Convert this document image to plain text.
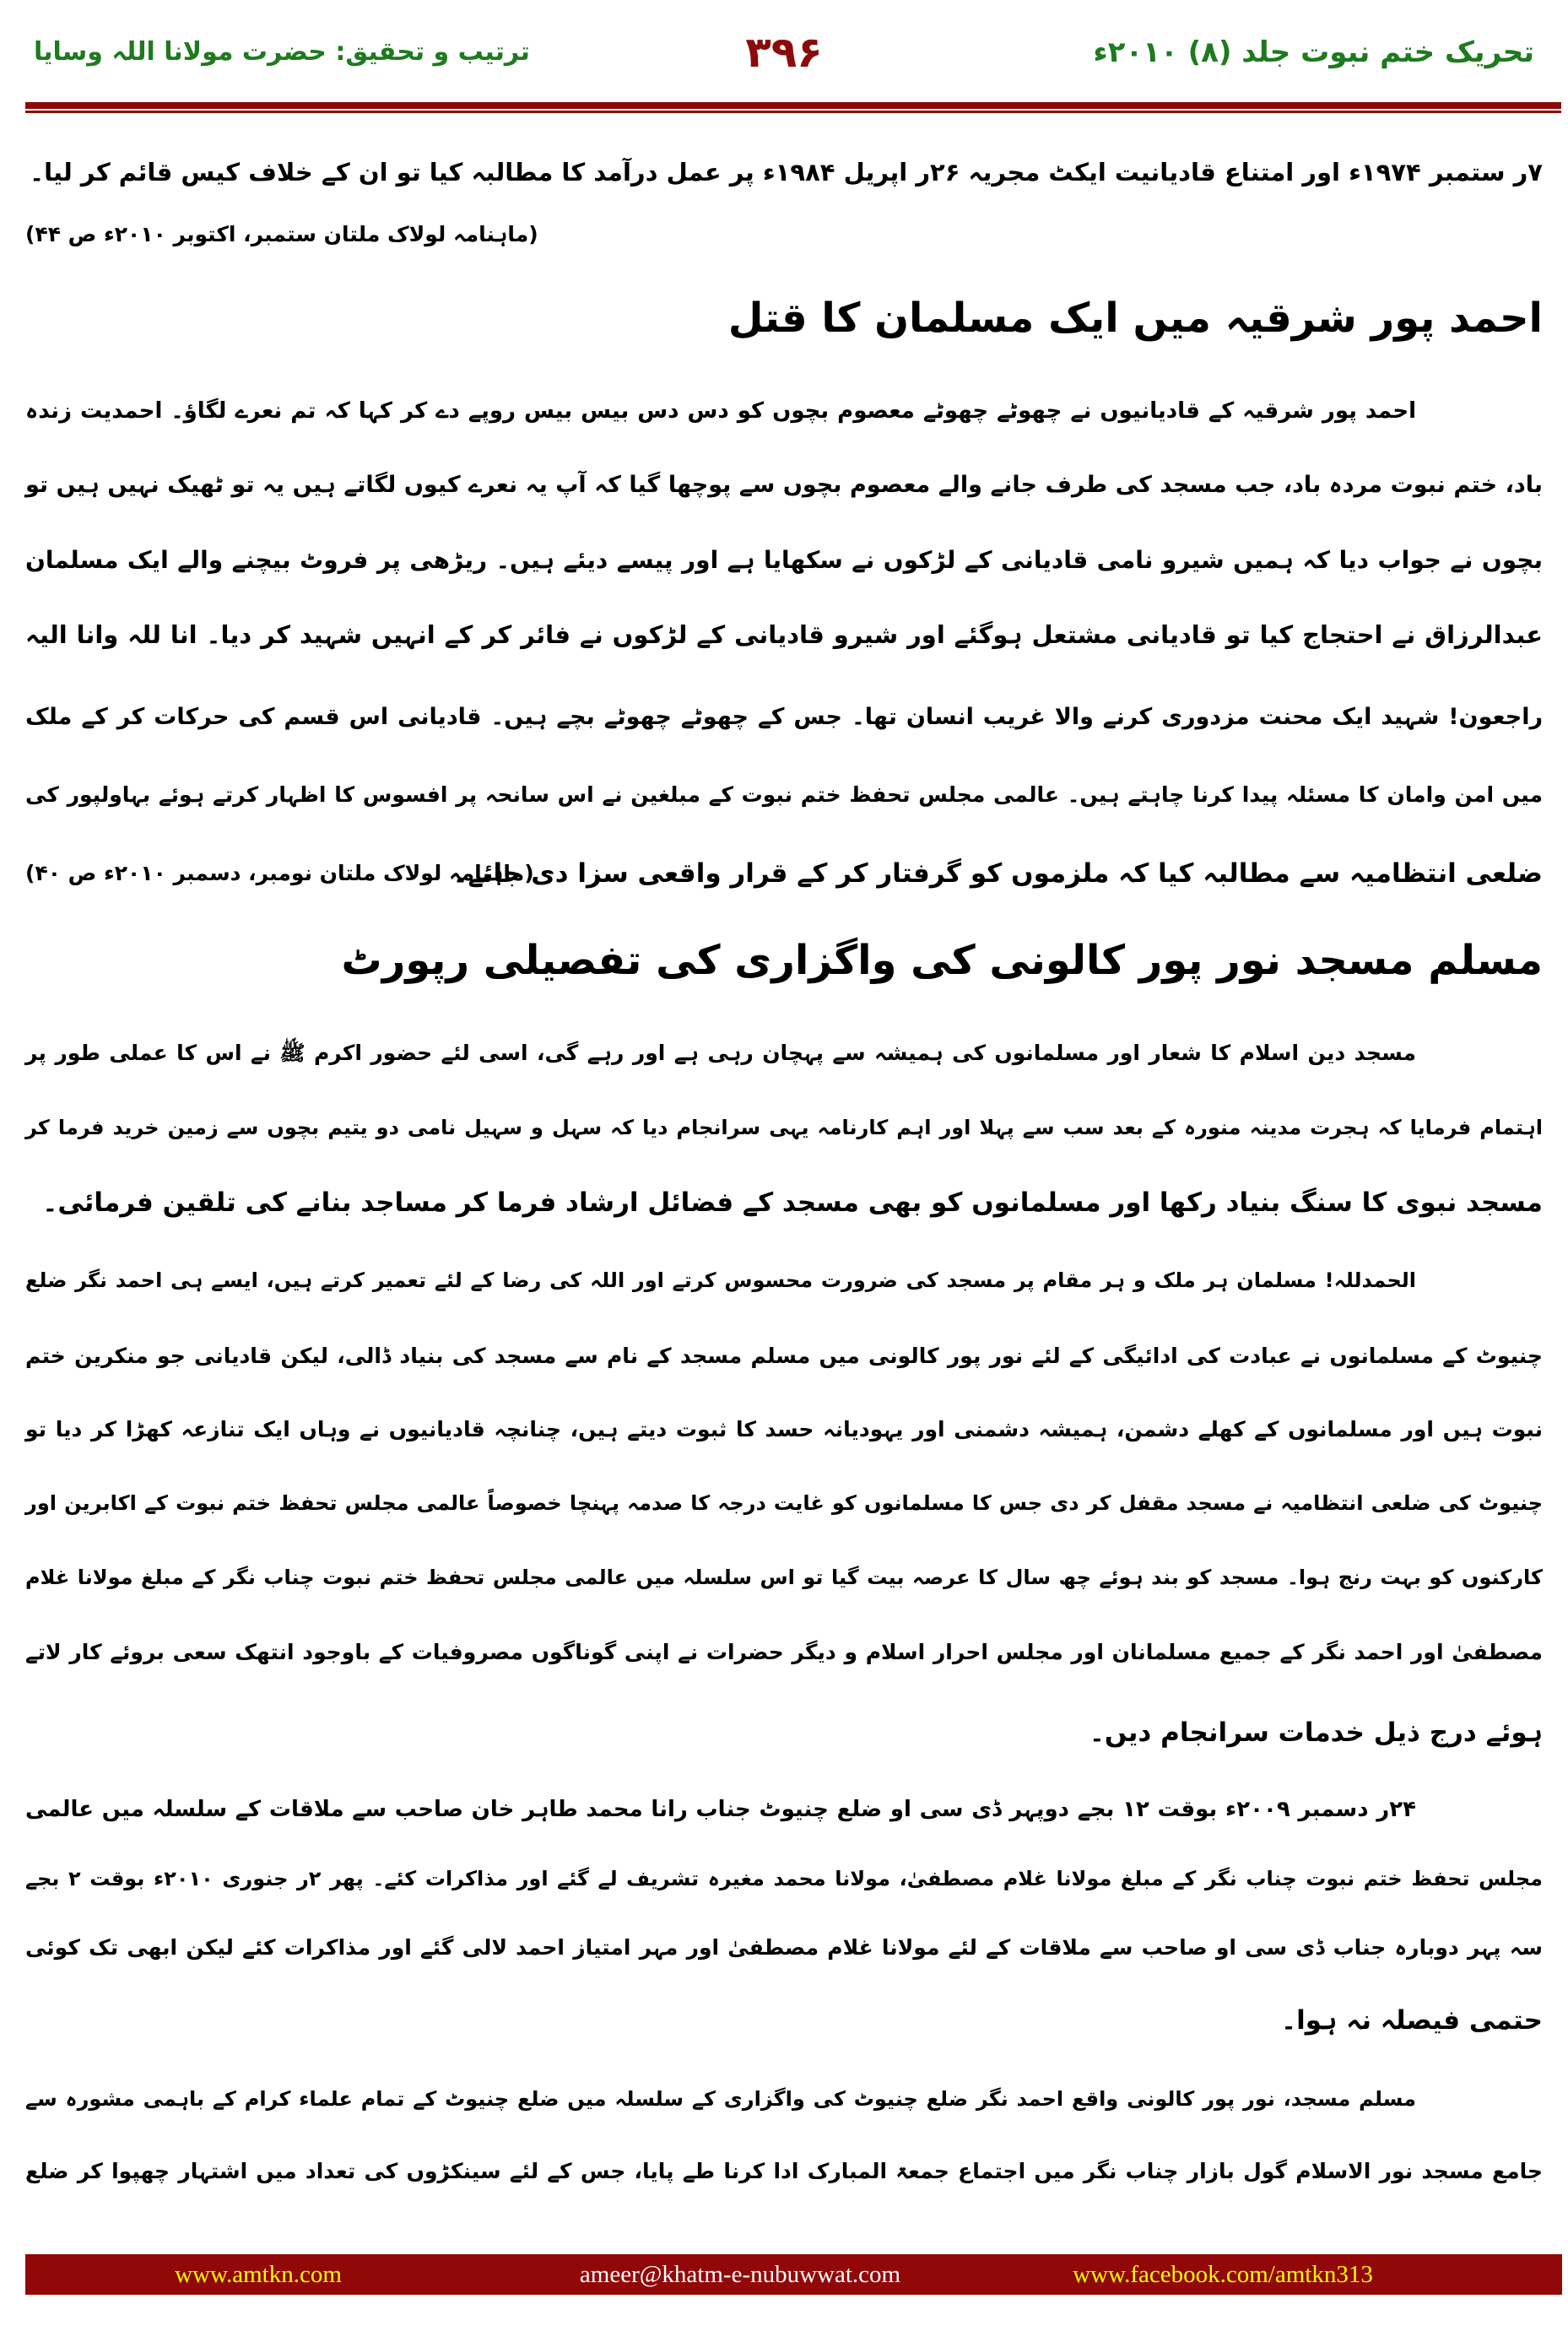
تحریک ختم نبوت جلد (۸) ۲۰۱۰ء
۳۹۶
ترتیب و تحقیق: حضرت مولانا اللہ وسایا
۷ر ستمبر ۱۹۷۴ء اور امتناع قادیانیت ایکٹ مجریہ ۲۶ر اپریل ۱۹۸۴ء پر عمل درآمد کا مطالبہ کیا تو ان کے خلاف کیس قائم کر لیا۔
(ماہنامہ لولاک ملتان ستمبر، اکتوبر ۲۰۱۰ء ص ۴۴)
احمد پور شرقیہ میں ایک مسلمان کا قتل
احمد پور شرقیہ کے قادیانیوں نے چھوٹے چھوٹے معصوم بچوں کو دس دس بیس بیس روپے دے کر کہا کہ تم نعرے لگاؤ۔ احمدیت زندہ
باد، ختم نبوت مردہ باد، جب مسجد کی طرف جانے والے معصوم بچوں سے پوچھا گیا کہ آپ یہ نعرے کیوں لگاتے ہیں یہ تو ٹھیک نہیں ہیں تو
بچوں نے جواب دیا کہ ہمیں شیرو نامی قادیانی کے لڑکوں نے سکھایا ہے اور پیسے دیئے ہیں۔ ریڑھی پر فروٹ بیچنے والے ایک مسلمان
عبدالرزاق نے احتجاج کیا تو قادیانی مشتعل ہوگئے اور شیرو قادیانی کے لڑکوں نے فائر کر کے انہیں شہید کر دیا۔ انا للہ وانا الیہ
راجعون! شہید ایک محنت مزدوری کرنے والا غریب انسان تھا۔ جس کے چھوٹے چھوٹے بچے ہیں۔ قادیانی اس قسم کی حرکات کر کے ملک
میں امن وامان کا مسئلہ پیدا کرنا چاہتے ہیں۔ عالمی مجلس تحفظ ختم نبوت کے مبلغین نے اس سانحہ پر افسوس کا اظہار کرتے ہوئے بہاولپور کی
ضلعی انتظامیہ سے مطالبہ کیا کہ ملزموں کو گرفتار کر کے قرار واقعی سزا دی جائے۔
(ماہنامہ لولاک ملتان نومبر، دسمبر ۲۰۱۰ء ص ۴۰)
مسلم مسجد نور پور کالونی کی واگزاری کی تفصیلی رپورٹ
مسجد دین اسلام کا شعار اور مسلمانوں کی ہمیشہ سے پہچان رہی ہے اور رہے گی، اسی لئے حضور اکرم ﷺ نے اس کا عملی طور پر
اہتمام فرمایا کہ ہجرت مدینہ منورہ کے بعد سب سے پہلا اور اہم کارنامہ یہی سرانجام دیا کہ سہل و سہیل نامی دو یتیم بچوں سے زمین خرید فرما کر
مسجد نبوی کا سنگ بنیاد رکھا اور مسلمانوں کو بھی مسجد کے فضائل ارشاد فرما کر مساجد بنانے کی تلقین فرمائی۔
الحمدللہ! مسلمان ہر ملک و ہر مقام پر مسجد کی ضرورت محسوس کرتے اور اللہ کی رضا کے لئے تعمیر کرتے ہیں، ایسے ہی احمد نگر ضلع
چنیوٹ کے مسلمانوں نے عبادت کی ادائیگی کے لئے نور پور کالونی میں مسلم مسجد کے نام سے مسجد کی بنیاد ڈالی، لیکن قادیانی جو منکرین ختم
نبوت ہیں اور مسلمانوں کے کھلے دشمن، ہمیشہ دشمنی اور یہودیانہ حسد کا ثبوت دیتے ہیں، چنانچہ قادیانیوں نے وہاں ایک تنازعہ کھڑا کر دیا تو
چنیوٹ کی ضلعی انتظامیہ نے مسجد مقفل کر دی جس کا مسلمانوں کو غایت درجہ کا صدمہ پہنچا خصوصاً عالمی مجلس تحفظ ختم نبوت کے اکابرین اور
کارکنوں کو بہت رنج ہوا۔ مسجد کو بند ہوئے چھ سال کا عرصہ بیت گیا تو اس سلسلہ میں عالمی مجلس تحفظ ختم نبوت چناب نگر کے مبلغ مولانا غلام
مصطفیٰ اور احمد نگر کے جمیع مسلمانان اور مجلس احرار اسلام و دیگر حضرات نے اپنی گوناگوں مصروفیات کے باوجود انتھک سعی بروئے کار لاتے
ہوئے درج ذیل خدمات سرانجام دیں۔
۲۴ر دسمبر ۲۰۰۹ء بوقت ۱۲ بجے دوپہر ڈی سی او ضلع چنیوٹ جناب رانا محمد طاہر خان صاحب سے ملاقات کے سلسلہ میں عالمی
مجلس تحفظ ختم نبوت چناب نگر کے مبلغ مولانا غلام مصطفیٰ، مولانا محمد مغیرہ تشریف لے گئے اور مذاکرات کئے۔ پھر ۲ر جنوری ۲۰۱۰ء بوقت ۲ بجے
سہ پہر دوبارہ جناب ڈی سی او صاحب سے ملاقات کے لئے مولانا غلام مصطفیٰ اور مہر امتیاز احمد لالی گئے اور مذاکرات کئے لیکن ابھی تک کوئی
حتمی فیصلہ نہ ہوا۔
مسلم مسجد، نور پور کالونی واقع احمد نگر ضلع چنیوٹ کی واگزاری کے سلسلہ میں ضلع چنیوٹ کے تمام علماء کرام کے باہمی مشورہ سے
جامع مسجد نور الاسلام گول بازار چناب نگر میں اجتماع جمعۃ المبارک ادا کرنا طے پایا، جس کے لئے سینکڑوں کی تعداد میں اشتہار چھپوا کر ضلع
www.amtkn.com	ameer@khatm-e-nubuwwat.com	www.facebook.com/amtkn313
